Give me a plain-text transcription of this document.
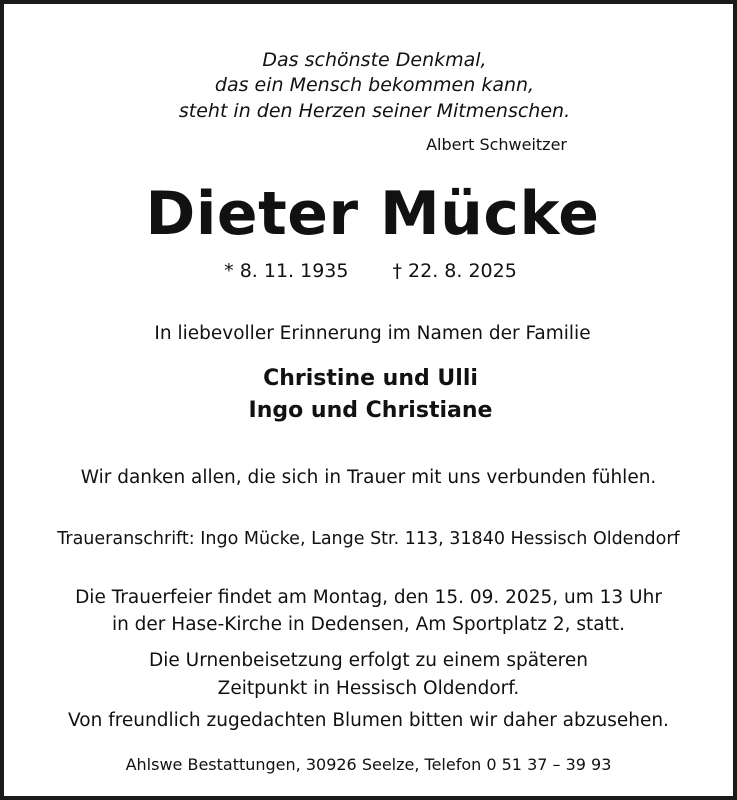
Das schönste Denkmal,
das ein Mensch bekommen kann,
steht in den Herzen seiner Mitmenschen.
Albert Schweitzer
Dieter Mücke
* 8. 11. 1935 † 22. 8. 2025
In liebevoller Erinnerung im Namen der Familie
Christine und Ulli
Ingo und Christiane
Wir danken allen, die sich in Trauer mit uns verbunden fühlen.
Traueranschrift: Ingo Mücke, Lange Str. 113, 31840 Hessisch Oldendorf
Die Trauerfeier findet am Montag, den 15. 09. 2025, um 13 Uhr
in der Hase-Kirche in Dedensen, Am Sportplatz 2, statt.
Die Urnenbeisetzung erfolgt zu einem späteren
Zeitpunkt in Hessisch Oldendorf.
Von freundlich zugedachten Blumen bitten wir daher abzusehen.
Ahlswe Bestattungen, 30926 Seelze, Telefon 0 51 37 – 39 93
